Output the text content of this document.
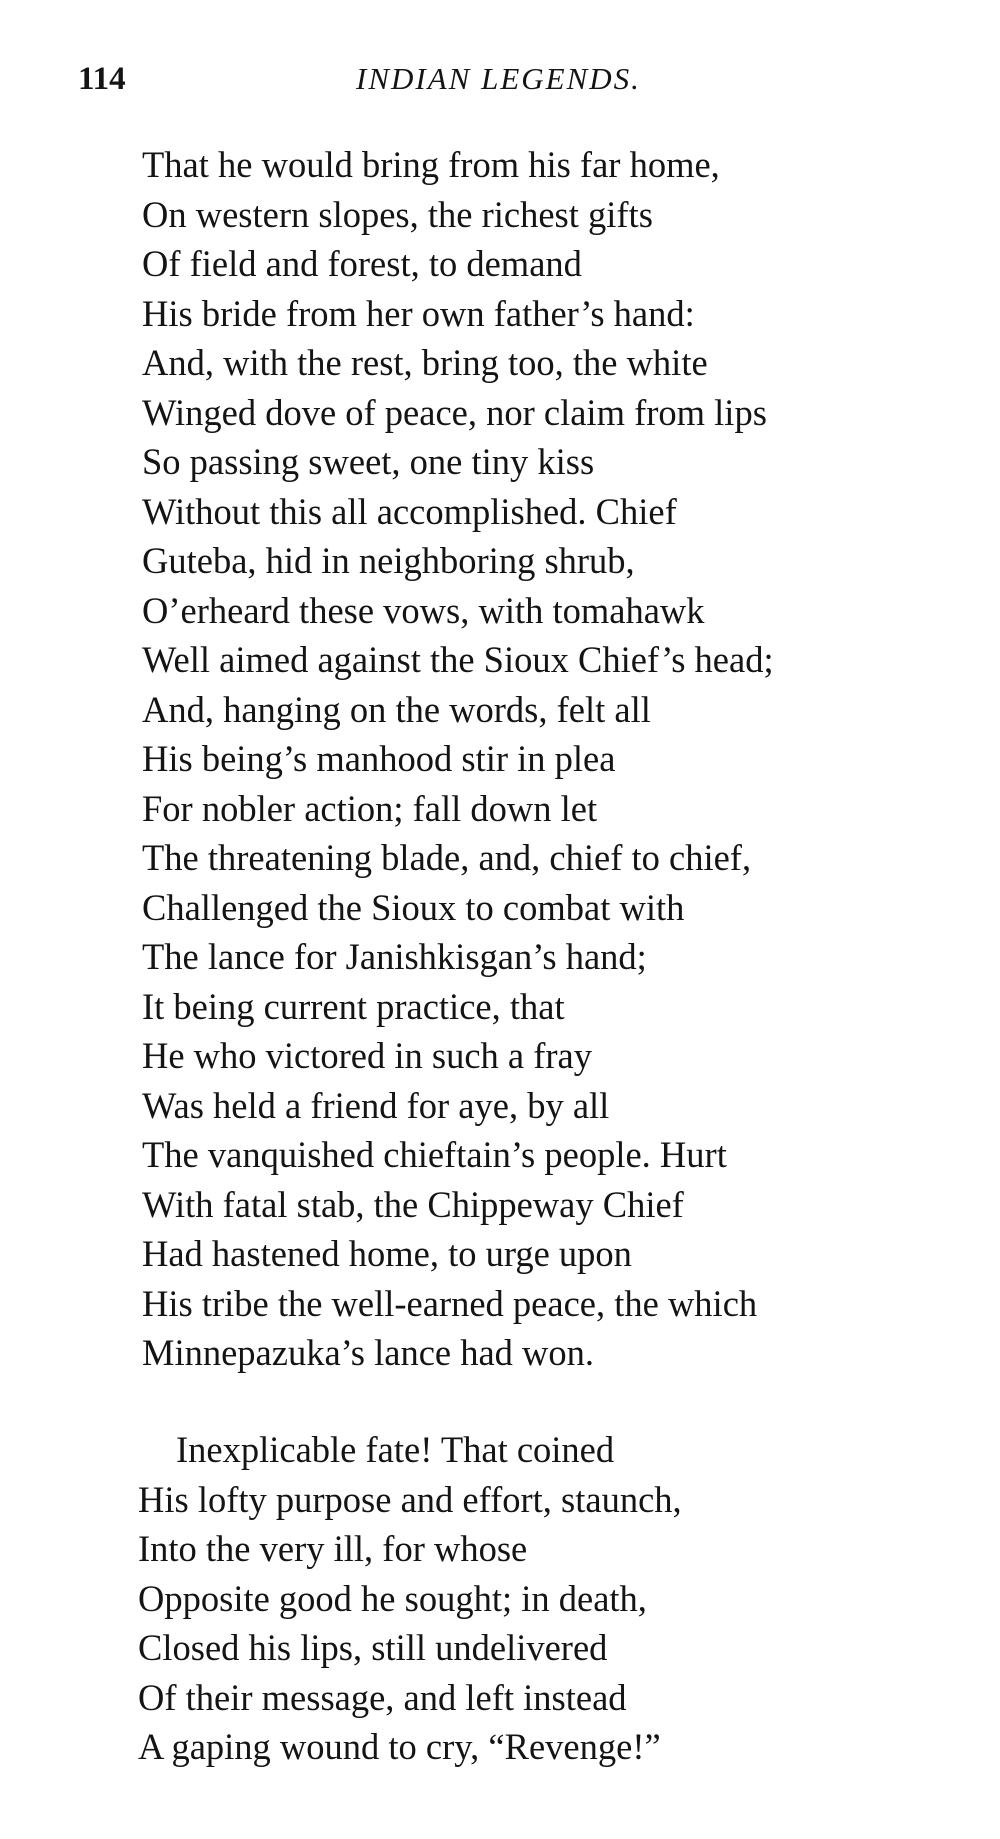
114	INDIAN LEGENDS.
That he would bring from his far home,
On western slopes, the richest gifts
Of field and forest, to demand
His bride from her own father’s hand:
And, with the rest, bring too, the white
Winged dove of peace, nor claim from lips
So passing sweet, one tiny kiss
Without this all accomplished. Chief
Guteba, hid in neighboring shrub,
O’erheard these vows, with tomahawk
Well aimed against the Sioux Chief’s head;
And, hanging on the words, felt all
His being’s manhood stir in plea
For nobler action; fall down let
The threatening blade, and, chief to chief,
Challenged the Sioux to combat with
The lance for Janishkisgan’s hand;
It being current practice, that
He who victored in such a fray
Was held a friend for aye, by all
The vanquished chieftain’s people. Hurt
With fatal stab, the Chippeway Chief
Had hastened home, to urge upon
His tribe the well-earned peace, the which
Minnepazuka’s lance had won.
Inexplicable fate! That coined
His lofty purpose and effort, staunch,
Into the very ill, for whose
Opposite good he sought; in death,
Closed his lips, still undelivered
Of their message, and left instead
A gaping wound to cry, “Revenge!”
